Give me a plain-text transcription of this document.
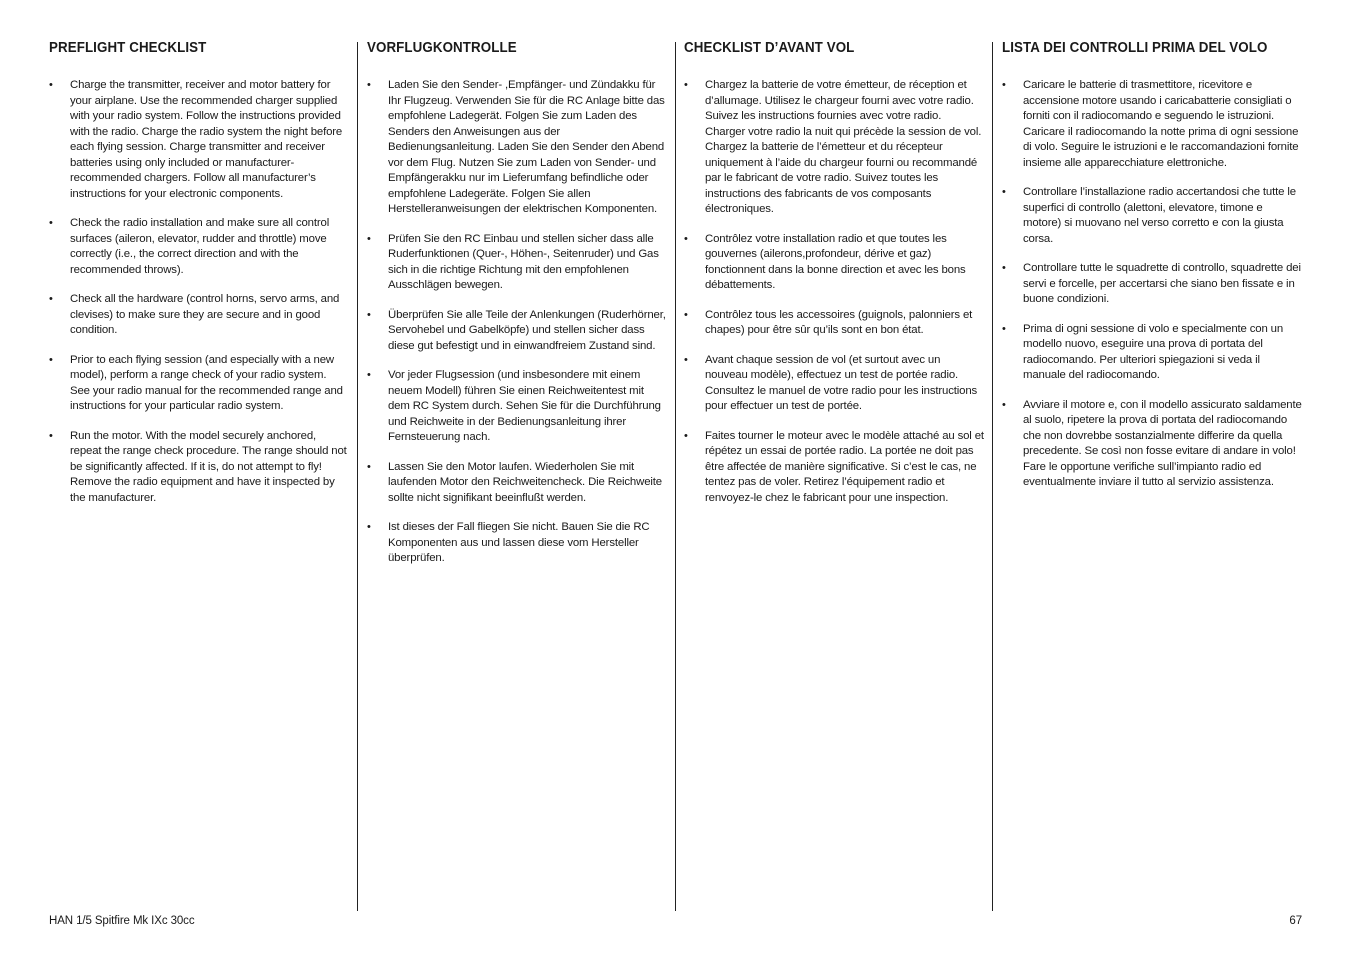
PREFLIGHT CHECKLIST
• Charge the transmitter, receiver and motor battery for your airplane. Use the recommended charger supplied with your radio system. Follow the instructions provided with the radio. Charge the radio system the night before each flying session. Charge transmitter and receiver batteries using only included or manufacturer-recommended chargers. Follow all manufacturer’s instructions for your electronic components.
• Check the radio installation and make sure all control surfaces (aileron, elevator, rudder and throttle) move correctly (i.e., the correct direction and with the recommended throws).
• Check all the hardware (control horns, servo arms, and clevises) to make sure they are secure and in good condition.
• Prior to each flying session (and especially with a new model), perform a range check of your radio system. See your radio manual for the recommended range and instructions for your particular radio system.
• Run the motor. With the model securely anchored, repeat the range check procedure. The range should not be significantly affected. If it is, do not attempt to fly! Remove the radio equipment and have it inspected by the manufacturer.
VORFLUGKONTROLLE
• Laden Sie den Sender- ,Empfänger- und Zündakku für Ihr Flugzeug. Verwenden Sie für die RC Anlage bitte das empfohlene Ladegerät. Folgen Sie zum Laden des Senders den Anweisungen aus der Bedienungsanleitung. Laden Sie den Sender den Abend vor dem Flug. Nutzen Sie zum Laden von Sender- und Empfängerakku nur im Lieferumfang befindliche oder empfohlene Ladegeräte. Folgen Sie allen Herstelleranweisungen der elektrischen Komponenten.
• Prüfen Sie den RC Einbau und stellen sicher dass alle Ruderfunktionen (Quer-, Höhen-, Seitenruder) und Gas sich in die richtige Richtung mit den empfohlenen Ausschlägen bewegen.
• Überprüfen Sie alle Teile der Anlenkungen (Ruderhörner, Servohebel und Gabelköpfe) und stellen sicher dass diese gut befestigt und in einwandfreiem Zustand sind.
• Vor jeder Flugsession (und insbesondere mit einem neuem Modell) führen Sie einen Reichweitentest mit dem RC System durch. Sehen Sie für die Durchführung und Reichweite in der Bedienungsanleitung ihrer Fernsteuerung nach.
• Lassen Sie den Motor laufen. Wiederholen Sie mit laufenden Motor den Reichweitencheck. Die Reichweite sollte nicht signifikant beeinflußt werden.
• Ist dieses der Fall fliegen Sie nicht. Bauen Sie die RC Komponenten aus und lassen diese vom Hersteller überprüfen.
CHECKLIST D’AVANT VOL
• Chargez la batterie de votre émetteur, de réception et d’allumage. Utilisez le chargeur fourni avec votre radio. Suivez les instructions fournies avec votre radio. Charger votre radio la nuit qui précède la session de vol. Chargez la batterie de l’émetteur et du récepteur uniquement à l’aide du chargeur fourni ou recommandé par le fabricant de votre radio. Suivez toutes les instructions des fabricants de vos composants électroniques.
• Contrôlez votre installation radio et que toutes les gouvernes (ailerons,profondeur, dérive et gaz) fonctionnent dans la bonne direction et avec les bons débattements.
• Contrôlez tous les accessoires (guignols, palonniers et chapes) pour être sûr qu’ils sont en bon état.
• Avant chaque session de vol (et surtout avec un nouveau modèle), effectuez un test de portée radio. Consultez le manuel de votre radio pour les instructions pour effectuer un test de portée.
• Faites tourner le moteur avec le modèle attaché au sol et répétez un essai de portée radio. La portée ne doit pas être affectée de manière significative. Si c’est le cas, ne tentez pas de voler. Retirez l’équipement radio et renvoyez-le chez le fabricant pour une inspection.
LISTA DEI CONTROLLI PRIMA DEL VOLO
• Caricare le batterie di trasmettitore, ricevitore e accensione motore usando i caricabatterie consigliati o forniti con il radiocomando e seguendo le istruzioni. Caricare il radiocomando la notte prima di ogni sessione di volo. Seguire le istruzioni e le raccomandazioni fornite insieme alle apparecchiature elettroniche.
• Controllare l’installazione radio accertandosi che tutte le superfici di controllo (alettoni, elevatore, timone e motore) si muovano nel verso corretto e con la giusta corsa.
• Controllare tutte le squadrette di controllo, squadrette dei servi e forcelle, per accertarsi che siano ben fissate e in buone condizioni.
• Prima di ogni sessione di volo e specialmente con un modello nuovo, eseguire una prova di portata del radiocomando. Per ulteriori spiegazioni si veda il manuale del radiocomando.
• Avviare il motore e, con il modello assicurato saldamente al suolo, ripetere la prova di portata del radiocomando che non dovrebbe sostanzialmente differire da quella precedente. Se così non fosse evitare di andare in volo! Fare le opportune verifiche sull’impianto radio ed eventualmente inviare il tutto al servizio assistenza.
HAN 1/5 Spitfire Mk IXc 30cc	67
